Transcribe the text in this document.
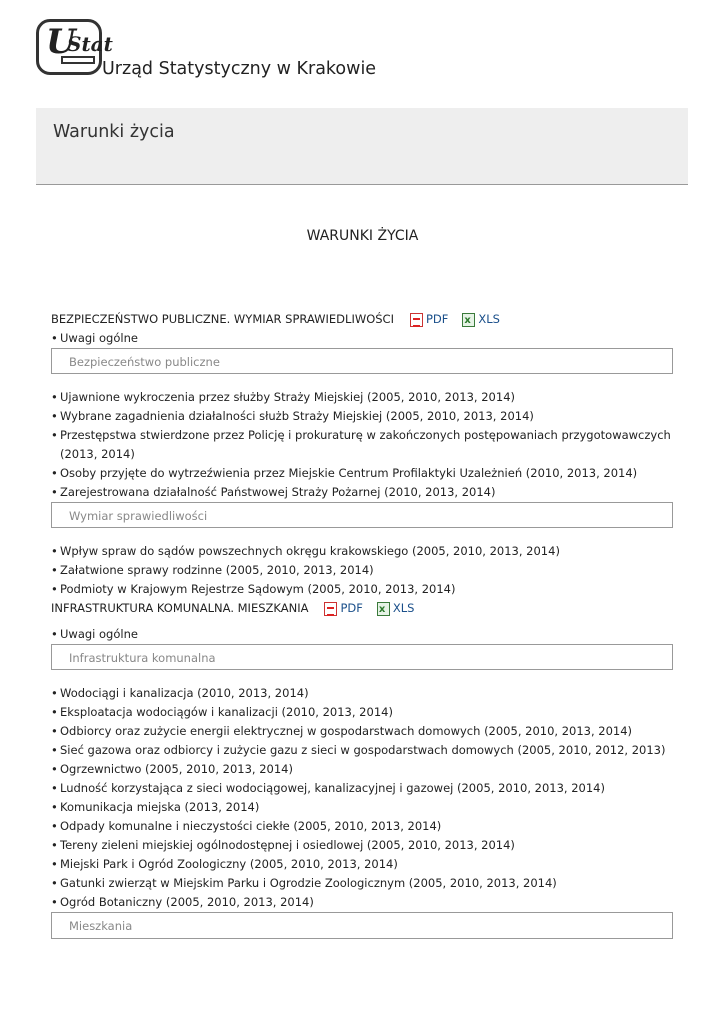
U
Stat
Urząd Statystyczny w Krakowie
Warunki życia
WARUNKI ŻYCIA
BEZPIECZEŃSTWO PUBLICZNE. WYMIAR SPRAWIEDLIWOŚCI	PDF x	XLS
• Uwagi ogólne
Bezpieczeństwo publiczne
• Ujawnione wykroczenia przez służby Straży Miejskiej (2005, 2010, 2013, 2014)
• Wybrane zagadnienia działalności służb Straży Miejskiej (2005, 2010, 2013, 2014)
• Przestępstwa stwierdzone przez Policję i prokuraturę w zakończonych postępowaniach przygotowawczych (2013, 2014)
• Osoby przyjęte do wytrzeźwienia przez Miejskie Centrum Profilaktyki Uzależnień (2010, 2013, 2014)
• Zarejestrowana działalność Państwowej Straży Pożarnej (2010, 2013, 2014)
Wymiar sprawiedliwości
• Wpływ spraw do sądów powszechnych okręgu krakowskiego (2005, 2010, 2013, 2014)
• Załatwione sprawy rodzinne (2005, 2010, 2013, 2014)
• Podmioty w Krajowym Rejestrze Sądowym (2005, 2010, 2013, 2014)
INFRASTRUKTURA KOMUNALNA. MIESZKANIA	PDF x	XLS
• Uwagi ogólne
Infrastruktura komunalna
• Wodociągi i kanalizacja (2010, 2013, 2014)
• Eksploatacja wodociągów i kanalizacji (2010, 2013, 2014)
• Odbiorcy oraz zużycie energii elektrycznej w gospodarstwach domowych (2005, 2010, 2013, 2014)
• Sieć gazowa oraz odbiorcy i zużycie gazu z sieci w gospodarstwach domowych (2005, 2010, 2012, 2013)
• Ogrzewnictwo (2005, 2010, 2013, 2014)
• Ludność korzystająca z sieci wodociągowej, kanalizacyjnej i gazowej (2005, 2010, 2013, 2014)
• Komunikacja miejska (2013, 2014)
• Odpady komunalne i nieczystości ciekłe (2005, 2010, 2013, 2014)
• Tereny zieleni miejskiej ogólnodostępnej i osiedlowej (2005, 2010, 2013, 2014)
• Miejski Park i Ogród Zoologiczny (2005, 2010, 2013, 2014)
• Gatunki zwierząt w Miejskim Parku i Ogrodzie Zoologicznym (2005, 2010, 2013, 2014)
• Ogród Botaniczny (2005, 2010, 2013, 2014)
Mieszkania
